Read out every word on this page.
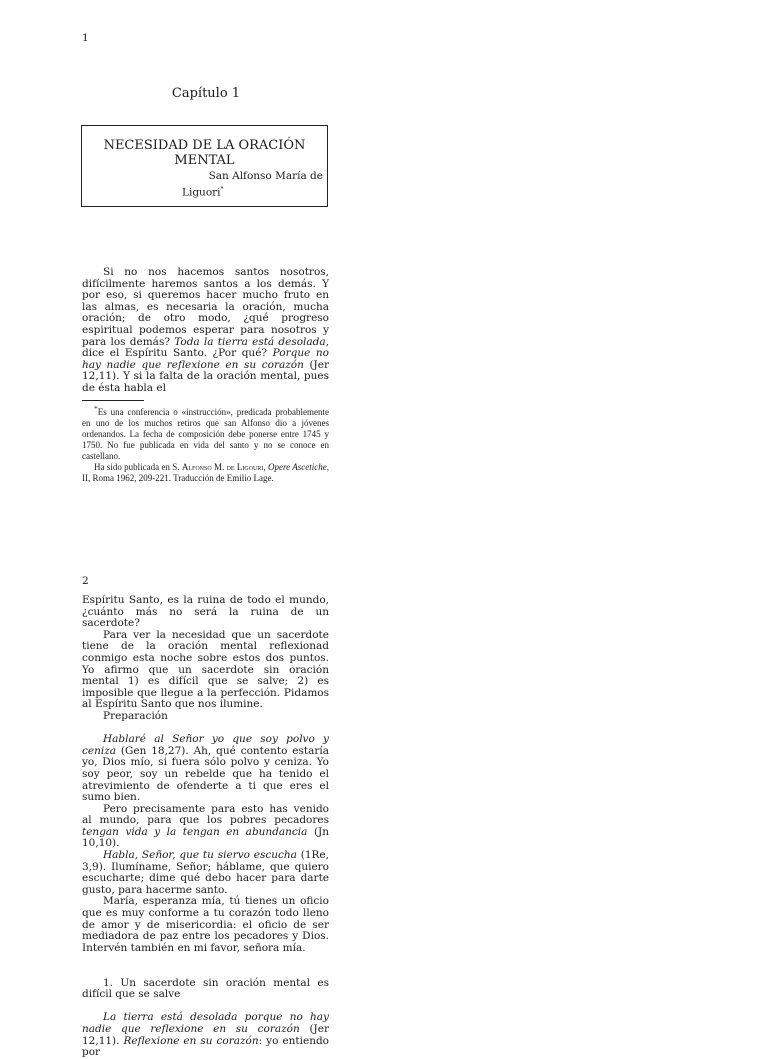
1
Capítulo 1
NECESIDAD DE LA ORACIÓN
MENTAL
San Alfonso María de
Liguori*

Si no nos hacemos santos nosotros, difícilmente haremos santos a los demás. Y por eso, si queremos hacer mucho fruto en las almas, es necesaria la oración, mucha oración; de otro modo, ¿qué progreso espiritual podemos esperar para nosotros y para los demás? Toda la tierra está desolada, dice el Espíritu Santo. ¿Por qué? Porque no hay nadie que reflexione en su corazón (Jer 12,11). Y si la falta de la oración mental, pues de ésta habla el

*Es una conferencia o «instrucción», predicada probablemente en uno de los muchos retiros que san Alfonso dio a jóvenes ordenandos. La fecha de composición debe ponerse entre 1745 y 1750. No fue publicada en vida del santo y no se conoce en castellano.

Ha sido publicada en S. Alfonso M. de Ligouri, Opere Ascetiche, II, Roma 1962, 209-221. Traducción de Emilio Lage.

2

Espíritu Santo, es la ruina de todo el mundo, ¿cuánto más no será la ruina de un sacerdote?

Para ver la necesidad que un sacerdote tiene de la oración mental reflexionad conmigo esta noche sobre estos dos puntos. Yo afirmo que un sacerdote sin oración mental 1) es difícil que se salve; 2) es imposible que llegue a la perfección. Pidamos al Espíritu Santo que nos ilumine.

Preparación

Hablaré al Señor yo que soy polvo y ceniza (Gen 18,27). Ah, qué contento estaría yo, Dios mío, si fuera sólo polvo y ceniza. Yo soy peor, soy un rebelde que ha tenido el atrevimiento de ofenderte a ti que eres el sumo bien.

Pero precisamente para esto has venido al mundo, para que los pobres pecadores tengan vida y la tengan en abundancia (Jn 10,10).

Habla, Señor, que tu siervo escucha (1Re, 3,9). Ilumíname, Señor; háblame, que quiero escucharte; dime qué debo hacer para darte gusto, para hacerme santo.

María, esperanza mía, tú tienes un oficio que es muy conforme a tu corazón todo lleno de amor y de misericordia: el oficio de ser mediadora de paz entre los pecadores y Dios. Intervén también en mi favor, señora mía.

1. Un sacerdote sin oración mental es difícil que se salve

La tierra está desolada porque no hay nadie que reflexione en su corazón (Jer 12,11). Reflexione en su corazón: yo entiendo por
